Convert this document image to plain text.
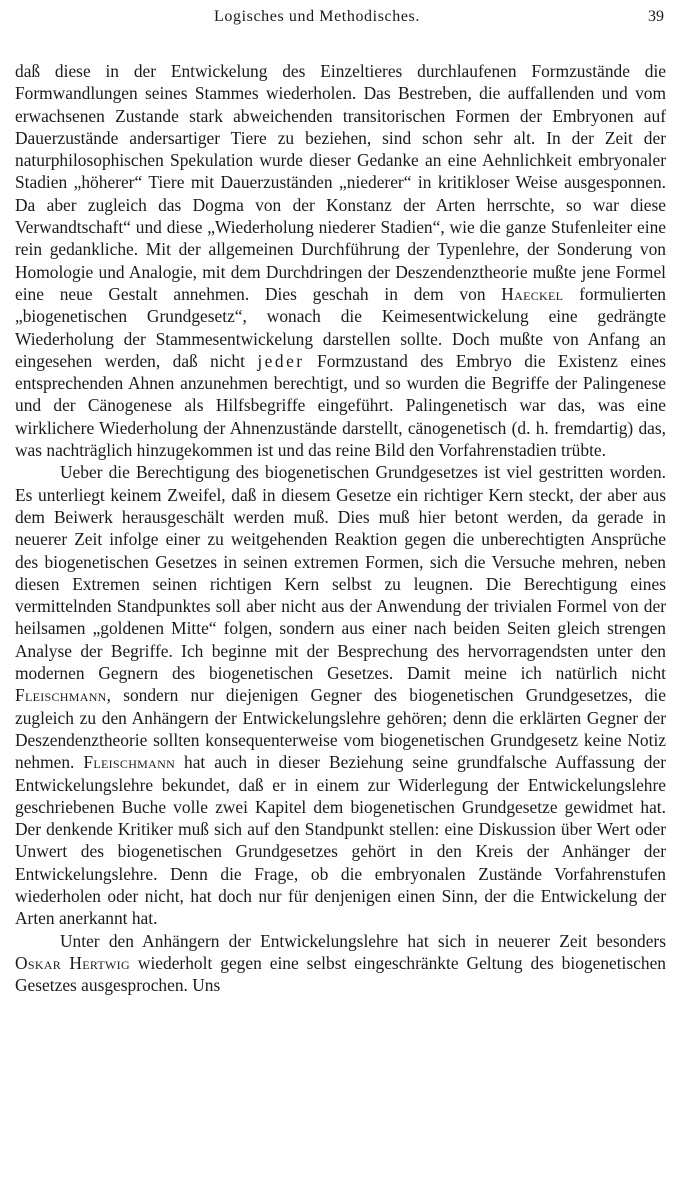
Logisches und Methodisches.	39

daß diese in der Entwickelung des Einzeltieres durchlaufenen Formzustände die Formwandlungen seines Stammes wiederholen. Das Bestreben, die auffallenden und vom erwachsenen Zustande stark abweichenden transitorischen Formen der Embryonen auf Dauerzustände andersartiger Tiere zu beziehen, sind schon sehr alt. In der Zeit der naturphilosophischen Spekulation wurde dieser Gedanke an eine Aehnlichkeit embryonaler Stadien „höherer“ Tiere mit Dauerzuständen „niederer“ in kritikloser Weise ausgesponnen. Da aber zugleich das Dogma von der Konstanz der Arten herrschte, so war diese Verwandtschaft“ und diese „Wiederholung niederer Stadien“, wie die ganze Stufenleiter eine rein gedankliche. Mit der allgemeinen Durchführung der Typenlehre, der Sonderung von Homologie und Analogie, mit dem Durchdringen der Deszendenztheorie mußte jene Formel eine neue Gestalt annehmen. Dies geschah in dem von Haeckel formulierten „biogenetischen Grundgesetz“, wonach die Keimesentwickelung eine gedrängte Wiederholung der Stammesentwickelung darstellen sollte. Doch mußte von Anfang an eingesehen werden, daß nicht jeder Formzustand des Embryo die Existenz eines entsprechenden Ahnen anzunehmen berechtigt, und so wurden die Begriffe der Palingenese und der Cänogenese als Hilfsbegriffe eingeführt. Palingenetisch war das, was eine wirklichere Wiederholung der Ahnenzustände darstellt, cänogenetisch (d. h. fremdartig) das, was nachträglich hinzugekommen ist und das reine Bild den Vorfahrenstadien trübte.

Ueber die Berechtigung des biogenetischen Grundgesetzes ist viel gestritten worden. Es unterliegt keinem Zweifel, daß in diesem Gesetze ein richtiger Kern steckt, der aber aus dem Beiwerk herausgeschält werden muß. Dies muß hier betont werden, da gerade in neuerer Zeit infolge einer zu weitgehenden Reaktion gegen die unberechtigten Ansprüche des biogenetischen Gesetzes in seinen extremen Formen, sich die Versuche mehren, neben diesen Extremen seinen richtigen Kern selbst zu leugnen. Die Berechtigung eines vermittelnden Standpunktes soll aber nicht aus der Anwendung der trivialen Formel von der heilsamen „goldenen Mitte“ folgen, sondern aus einer nach beiden Seiten gleich strengen Analyse der Begriffe. Ich beginne mit der Besprechung des hervorragendsten unter den modernen Gegnern des biogenetischen Gesetzes. Damit meine ich natürlich nicht Fleischmann, sondern nur diejenigen Gegner des biogenetischen Grundgesetzes, die zugleich zu den Anhängern der Entwickelungslehre gehören; denn die erklärten Gegner der Deszendenztheorie sollten konsequenterweise vom biogenetischen Grundgesetz keine Notiz nehmen. Fleischmann hat auch in dieser Beziehung seine grundfalsche Auffassung der Entwickelungslehre bekundet, daß er in einem zur Widerlegung der Entwickelungslehre geschriebenen Buche volle zwei Kapitel dem biogenetischen Grundgesetze gewidmet hat. Der denkende Kritiker muß sich auf den Standpunkt stellen: eine Diskussion über Wert oder Unwert des biogenetischen Grundgesetzes gehört in den Kreis der Anhänger der Entwickelungslehre. Denn die Frage, ob die embryonalen Zustände Vorfahrenstufen wiederholen oder nicht, hat doch nur für denjenigen einen Sinn, der die Entwickelung der Arten anerkannt hat.

Unter den Anhängern der Entwickelungslehre hat sich in neuerer Zeit besonders Oskar Hertwig wiederholt gegen eine selbst eingeschränkte Geltung des biogenetischen Gesetzes ausgesprochen. Uns
